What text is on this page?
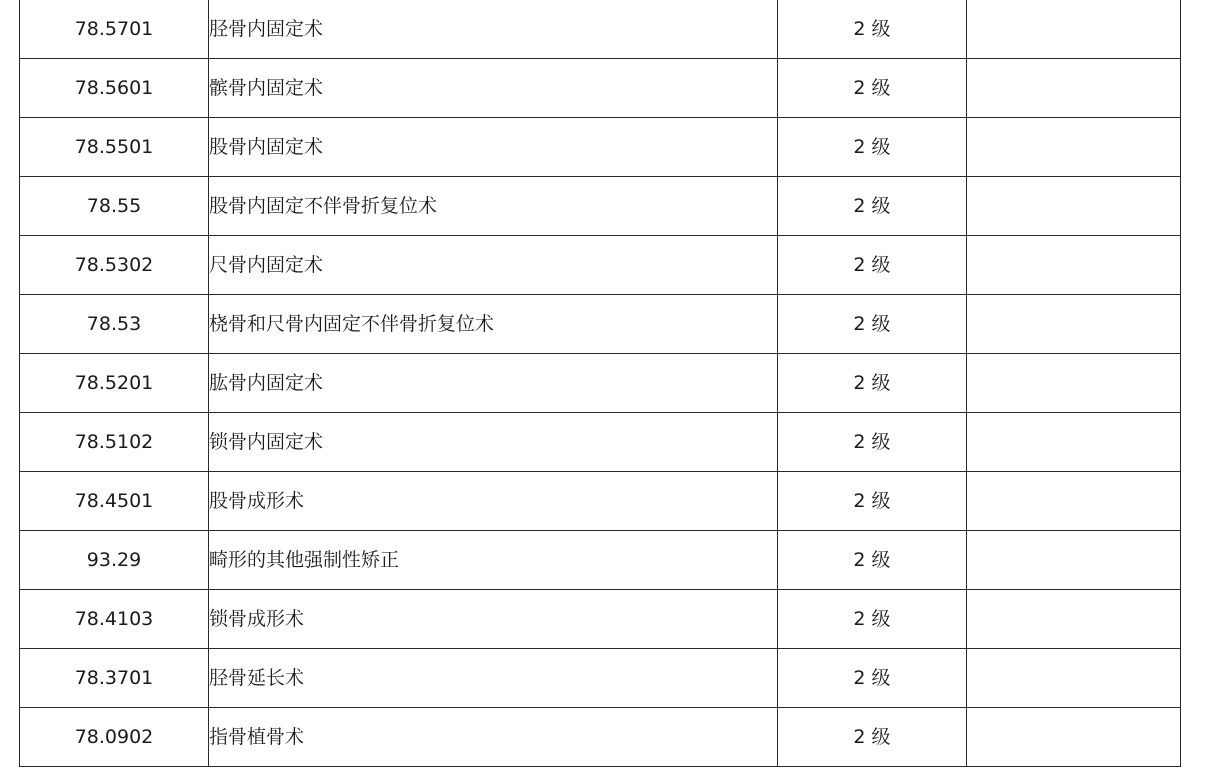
78.5701	胫骨内固定术	2 级	
78.5601	髌骨内固定术	2 级	
78.5501	股骨内固定术	2 级	
78.55	股骨内固定不伴骨折复位术	2 级	
78.5302	尺骨内固定术	2 级	
78.53	桡骨和尺骨内固定不伴骨折复位术	2 级	
78.5201	肱骨内固定术	2 级	
78.5102	锁骨内固定术	2 级	
78.4501	股骨成形术	2 级	
93.29	畸形的其他强制性矫正	2 级	
78.4103	锁骨成形术	2 级	
78.3701	胫骨延长术	2 级	
78.0902	指骨植骨术	2 级	
